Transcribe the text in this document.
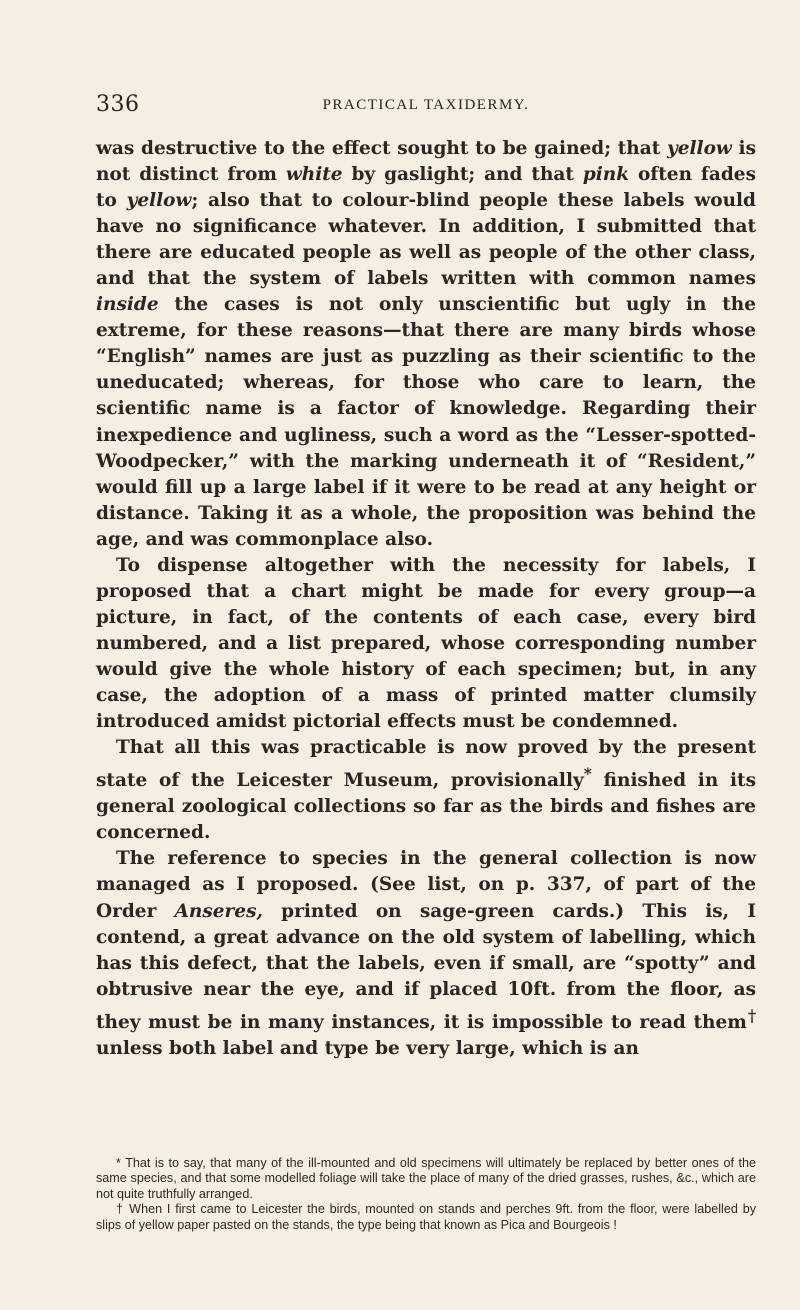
336	PRACTICAL TAXIDERMY.

was destructive to the effect sought to be gained; that yellow is not distinct from white by gaslight; and that pink often fades to yellow; also that to colour-blind people these labels would have no significance whatever. In addition, I submitted that there are educated people as well as people of the other class, and that the system of labels written with common names inside the cases is not only unscientific but ugly in the extreme, for these reasons—that there are many birds whose “English” names are just as puzzling as their scientific to the uneducated; whereas, for those who care to learn, the scientific name is a factor of knowledge. Regarding their inexpedience and ugliness, such a word as the “Lesser-spotted-Woodpecker,” with the marking underneath it of “Resident,” would fill up a large label if it were to be read at any height or distance. Taking it as a whole, the proposition was behind the age, and was commonplace also.

To dispense altogether with the necessity for labels, I proposed that a chart might be made for every group—a picture, in fact, of the contents of each case, every bird numbered, and a list prepared, whose corresponding number would give the whole history of each specimen; but, in any case, the adoption of a mass of printed matter clumsily introduced amidst pictorial effects must be condemned.

That all this was practicable is now proved by the present state of the Leicester Museum, provisionally* finished in its general zoological collections so far as the birds and fishes are concerned.

The reference to species in the general collection is now managed as I proposed. (See list, on p. 337, of part of the Order Anseres, printed on sage-green cards.) This is, I contend, a great advance on the old system of labelling, which has this defect, that the labels, even if small, are “spotty” and obtrusive near the eye, and if placed 10ft. from the floor, as they must be in many instances, it is impossible to read them† unless both label and type be very large, which is an

* That is to say, that many of the ill-mounted and old specimens will ultimately be replaced by better ones of the same species, and that some modelled foliage will take the place of many of the dried grasses, rushes, &c., which are not quite truthfully arranged.

† When I first came to Leicester the birds, mounted on stands and perches 9ft. from the floor, were labelled by slips of yellow paper pasted on the stands, the type being that known as Pica and Bourgeois !
